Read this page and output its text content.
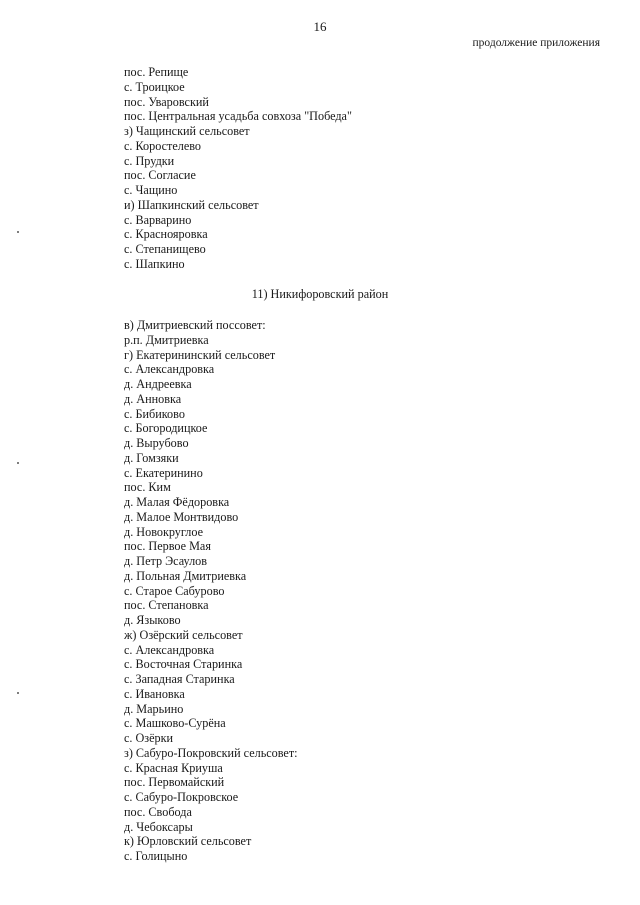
16
продолжение приложения
пос. Репище
с. Троицкое
пос. Уваровский
пос. Центральная усадьба совхоза "Победа"
з) Чащинский сельсовет
с. Коростелево
с. Прудки
пос. Согласие
с. Чащино
и) Шапкинский сельсовет
с. Варварино
с. Краснояровка
с. Степанищево
с. Шапкино
11) Никифоровский район
в) Дмитриевский поссовет:
р.п. Дмитриевка
г) Екатерининский сельсовет
с. Александровка
д. Андреевка
д. Анновка
с. Бибиково
с. Богородицкое
д. Вырубово
д. Гомзяки
с. Екатеринино
пос. Ким
д. Малая Фёдоровка
д. Малое Монтвидово
д. Новокруглое
пос. Первое Мая
д. Петр Эсаулов
д. Польная Дмитриевка
с. Старое Сабурово
пос. Степановка
д. Языково
ж) Озёрский сельсовет
с. Александровка
с. Восточная Старинка
с. Западная Старинка
с. Ивановка
д. Марьино
с. Машково-Сурёна
с. Озёрки
з) Сабуро-Покровский сельсовет:
с. Красная Криуша
пос. Первомайский
с. Сабуро-Покровское
пос. Свобода
д. Чебоксары
к) Юрловский сельсовет
с. Голицыно
